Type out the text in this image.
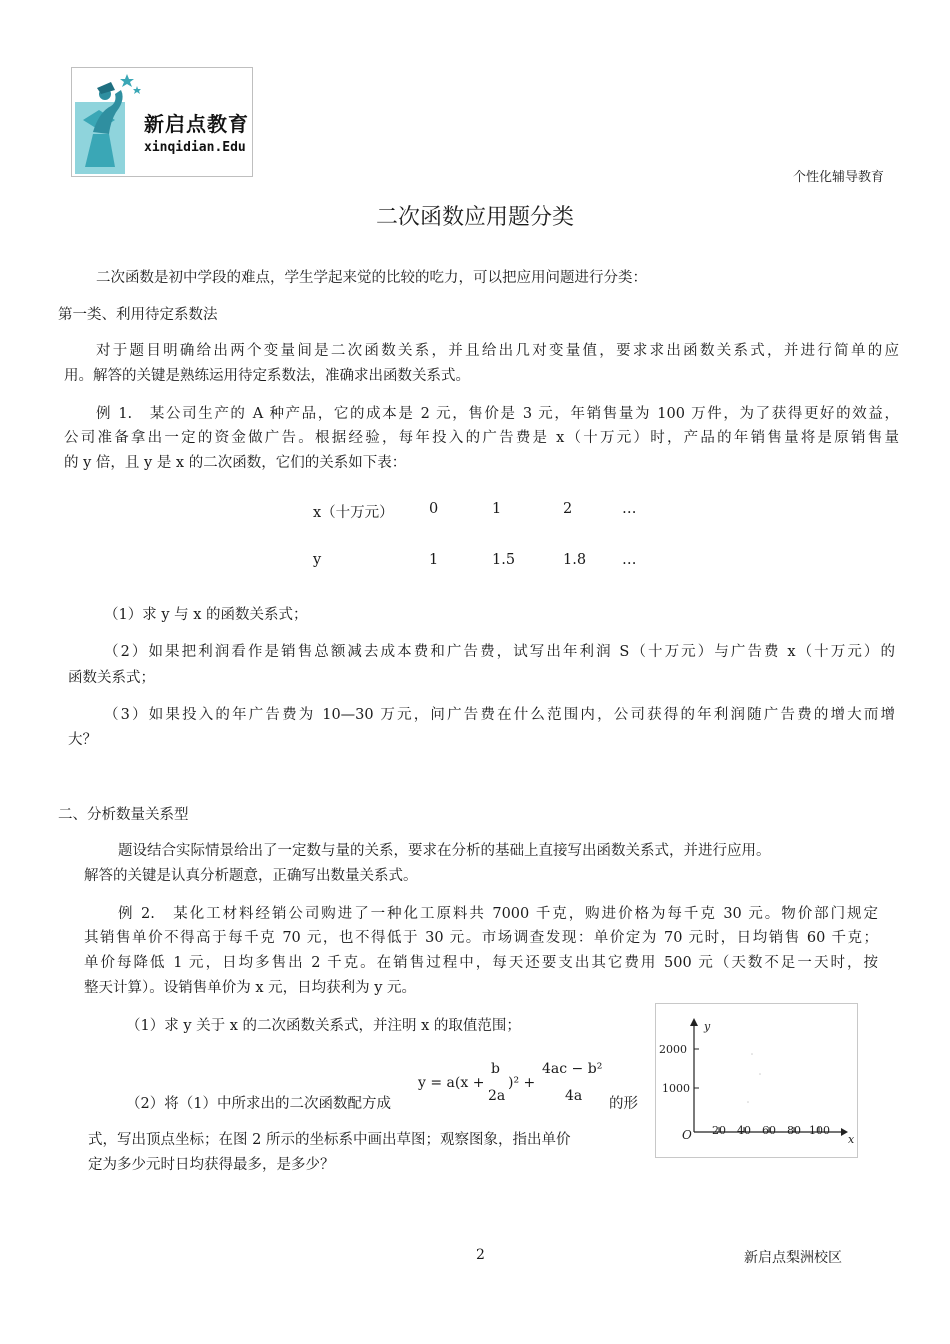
新启点教育
xinqidian.Edu
个性化辅导教育
二次函数应用题分类
二次函数是初中学段的难点，学生学起来觉的比较的吃力，可以把应用问题进行分类：
第一类、利用待定系数法
对于题目明确给出两个变量间是二次函数关系，并且给出几对变量值，要求求出函数关系式，并进行简单的应
用。解答的关键是熟练运用待定系数法，准确求出函数关系式。
例 1.　某公司生产的 A 种产品，它的成本是 2 元，售价是 3 元，年销售量为 100 万件，为了获得更好的效益，
公司准备拿出一定的资金做广告。根据经验，每年投入的广告费是 x（十万元）时，产品的年销售量将是原销售量
的 y 倍，且 y 是 x 的二次函数，它们的关系如下表：
x（十万元） 0	1	2	…
y	1	1.5	1.8 …
（1）求 y 与 x 的函数关系式；
（2）如果把利润看作是销售总额减去成本费和广告费，试写出年利润 S（十万元）与广告费 x（十万元）的
函数关系式；
（3）如果投入的年广告费为 10—30 万元，问广告费在什么范围内，公司获得的年利润随广告费的增大而增
大？
二、分析数量关系型
题设结合实际情景给出了一定数与量的关系，要求在分析的基础上直接写出函数关系式，并进行应用。
解答的关键是认真分析题意，正确写出数量关系式。
例 2.　某化工材料经销公司购进了一种化工原料共 7000 千克，购进价格为每千克 30 元。物价部门规定
其销售单价不得高于每千克 70 元，也不得低于 30 元。市场调查发现：单价定为 70 元时，日均销售 60 千克；
单价每降低 1 元，日均多售出 2 千克。在销售过程中，每天还要支出其它费用 500 元（天数不足一天时，按
整天计算）。设销售单价为 x 元，日均获利为 y 元。
（1）求 y 关于 x 的二次函数关系式，并注明 x 的取值范围；
y = a(x +
b
2a
)² +
4ac − b²
4a
（2）将（1）中所求出的二次函数配方成	的形
式，写出顶点坐标；在图 2 所示的坐标系中画出草图；观察图象，指出单价
定为多少元时日均获得最多，是多少？
y
x
O
2000
1000
20 40 60 80 100
2	新启点梨洲校区
